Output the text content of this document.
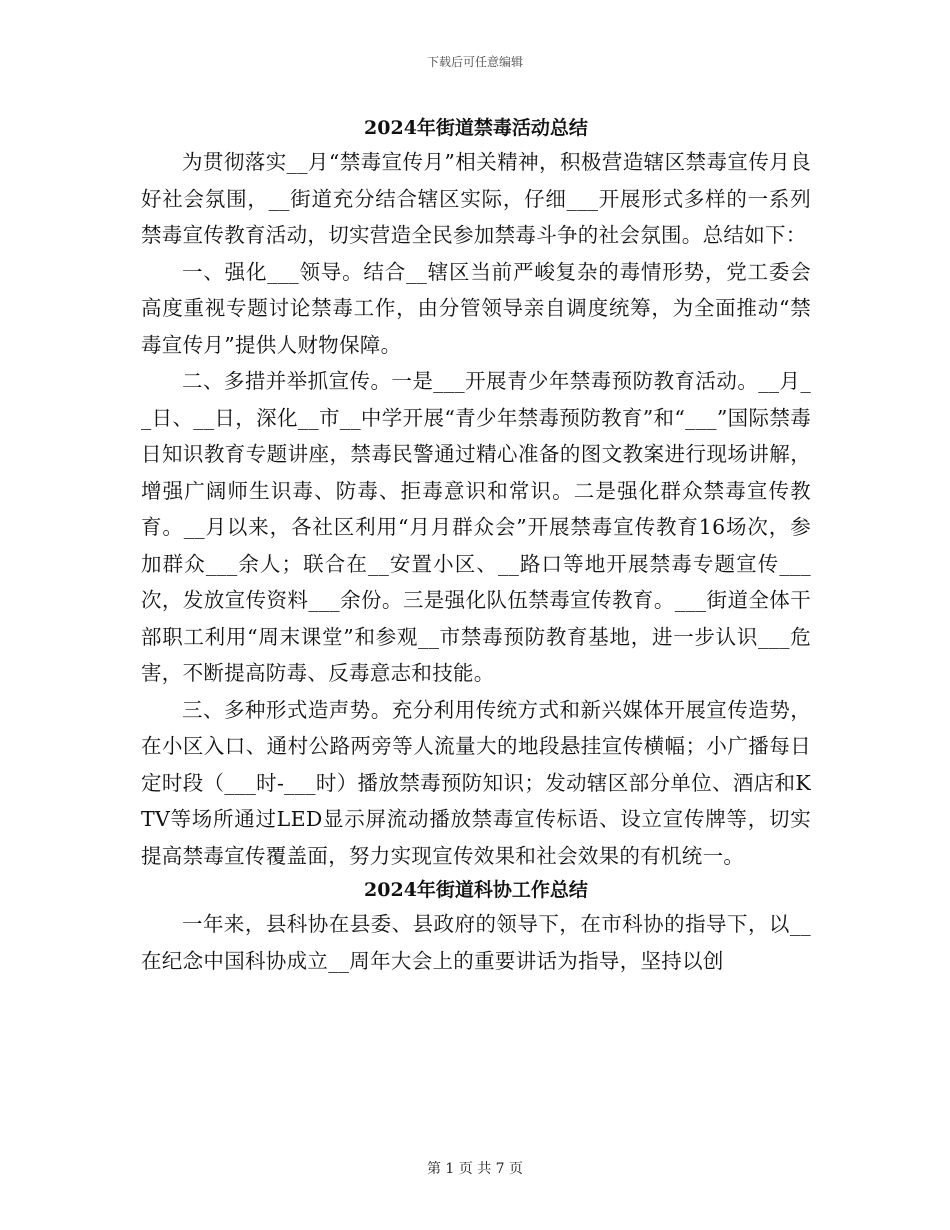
下载后可任意编辑
2024年街道禁毒活动总结

为贯彻落实__月“禁毒宣传月”相关精神，积极营造辖区禁毒宣传月良好社会氛围，__街道充分结合辖区实际，仔细___开展形式多样的一系列禁毒宣传教育活动，切实营造全民参加禁毒斗争的社会氛围。总结如下：

一、强化___领导。结合__辖区当前严峻复杂的毒情形势，党工委会高度重视专题讨论禁毒工作，由分管领导亲自调度统筹，为全面推动“禁毒宣传月”提供人财物保障。

二、多措并举抓宣传。一是___开展青少年禁毒预防教育活动。__月__日、__日，深化__市__中学开展“青少年禁毒预防教育”和“___”国际禁毒日知识教育专题讲座，禁毒民警通过精心准备的图文教案进行现场讲解，增强广阔师生识毒、防毒、拒毒意识和常识。二是强化群众禁毒宣传教育。__月以来，各社区利用“月月群众会”开展禁毒宣传教育16场次，参加群众___余人；联合在__安置小区、__路口等地开展禁毒专题宣传___次，发放宣传资料___余份。三是强化队伍禁毒宣传教育。___街道全体干部职工利用“周末课堂”和参观__市禁毒预防教育基地，进一步认识___危害，不断提高防毒、反毒意志和技能。

三、多种形式造声势。充分利用传统方式和新兴媒体开展宣传造势，在小区入口、通村公路两旁等人流量大的地段悬挂宣传横幅；小广播每日定时段（___时-___时）播放禁毒预防知识；发动辖区部分单位、酒店和KTV等场所通过LED显示屏流动播放禁毒宣传标语、设立宣传牌等，切实提高禁毒宣传覆盖面，努力实现宣传效果和社会效果的有机统一。

2024年街道科协工作总结

一年来，县科协在县委、县政府的领导下，在市科协的指导下，以__在纪念中国科协成立__周年大会上的重要讲话为指导，坚持以创

第 1 页 共 7 页
